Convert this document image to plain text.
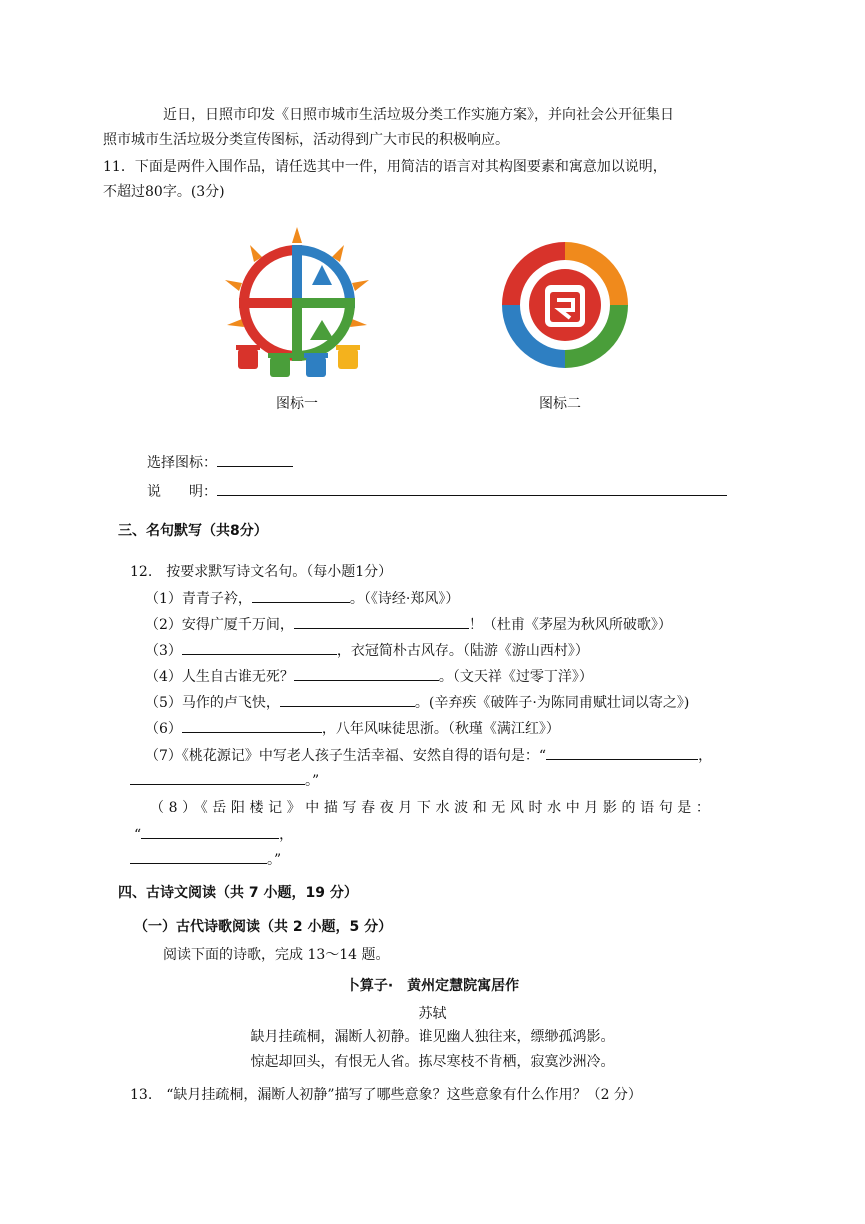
近日，日照市印发《日照市城市生活垃圾分类工作实施方案》，并向社会公开征集日
照市城市生活垃圾分类宣传图标，活动得到广大市民的积极响应。
11．下面是两件入围作品，请任选其中一件，用简洁的语言对其构图要素和寓意加以说明，
不超过80字。(3分)
图标一	图标二
选择图标：
说　　明：
三、名句默写（共8分）
12.　按要求默写诗文名句。（每小题1分）
（1）青青子衿，	。（《诗经·郑风》）
（2）安得广厦千万间，	！（杜甫《茅屋为秋风所破歌》）
（3）	，衣冠简朴古风存。（陆游《游山西村》）
（4）人生自古谁无死？	。（文天祥《过零丁洋》）
（5）马作的卢飞快，	。(辛弃疾《破阵子·为陈同甫赋壮词以寄之》)
（6）	，八年风味徒思浙。（秋瑾《满江红》）
（7）《桃花源记》中写老人孩子生活幸福、安然自得的语句是：“	，
。”
（8）《岳阳楼记》中描写春夜月下水波和无风时水中月影的语句是：
“	，
。”
四、古诗文阅读（共 7 小题，19 分）
（一）古代诗歌阅读（共 2 小题，5 分）
阅读下面的诗歌，完成 13～14 题。
卜算子·　黄州定慧院寓居作
苏轼
缺月挂疏桐，漏断人初静。谁见幽人独往来，缥缈孤鸿影。
惊起却回头，有恨无人省。拣尽寒枝不肯栖，寂寞沙洲冷。
13.　“缺月挂疏桐，漏断人初静”描写了哪些意象？这些意象有什么作用？（2 分）
